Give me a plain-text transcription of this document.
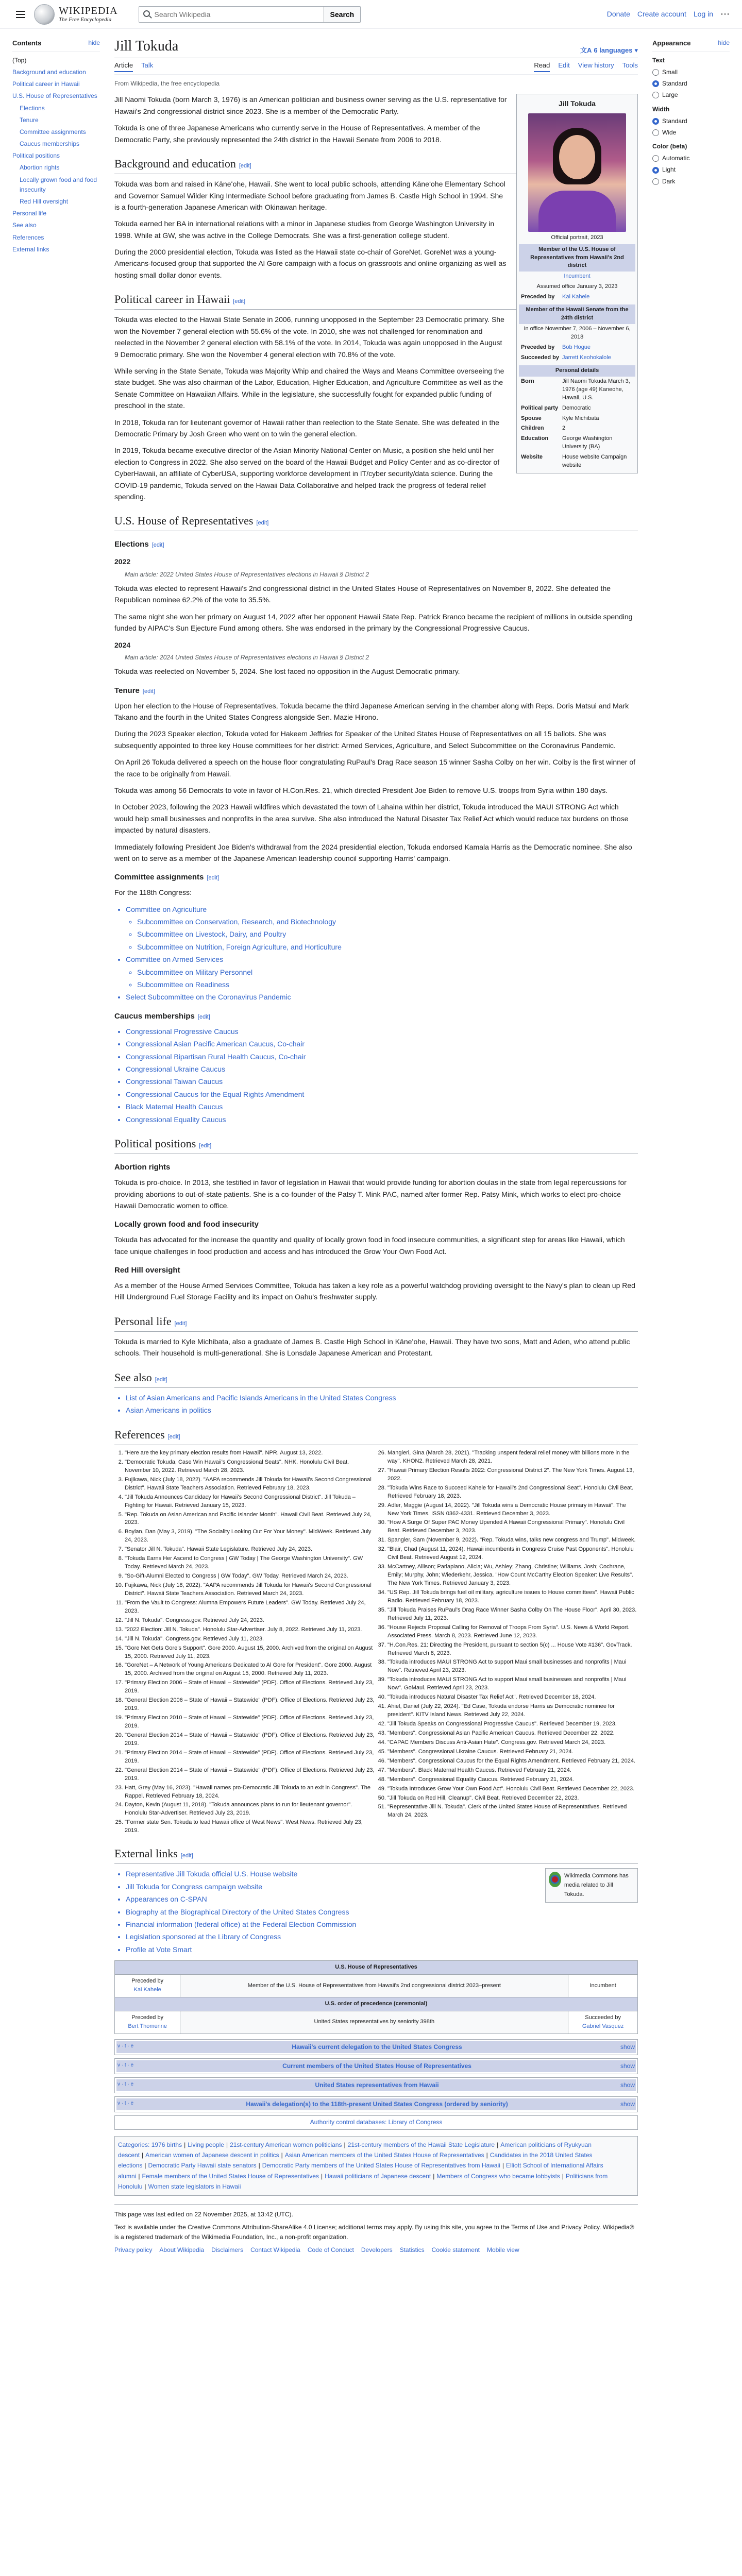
WIKIPEDIA
The Free Encyclopedia
Search Wikipedia
Search	Donate Create account Log in ⋯
Contents	hide
(Top)
Background and education
Political career in Hawaii
U.S. House of Representatives
Elections
Tenure
Committee assignments
Caucus memberships
Political positions
Abortion rights
Locally grown food and food insecurity
Red Hill oversight
Personal life
See also
References
External links
Jill Tokuda	文A 6 languages ▾
Article Talk	Read Edit View history Tools
From Wikipedia, the free encyclopedia
Jill Tokuda
Official portrait, 2023
Member of the U.S. House of Representatives from Hawaii's 2nd district
Incumbent
Assumed office January 3, 2023
Preceded by	Kai Kahele
Member of the Hawaii Senate from the 24th district
In office November 7, 2006 – November 6, 2018
Preceded by	Bob Hogue
Succeeded by Jarrett Keohokalole
Personal details
Born	Jill Naomi Tokuda March 3, 1976 (age 49) Kaneohe, Hawaii, U.S.
Political party Democratic
Spouse	Kyle Michibata
Children	2
Education	George Washington University (BA)
Website	House website Campaign website

Jill Naomi Tokuda (born March 3, 1976) is an American politician and business owner serving as the U.S. representative for Hawaii's 2nd congressional district since 2023. She is a member of the Democratic Party.

Tokuda is one of three Japanese Americans who currently serve in the House of Representatives. A member of the Democratic Party, she previously represented the 24th district in the Hawaii Senate from 2006 to 2018.

Background and education [edit]

Tokuda was born and raised in Kāneʻohe, Hawaii. She went to local public schools, attending Kāneʻohe Elementary School and Governor Samuel Wilder King Intermediate School before graduating from James B. Castle High School in 1994. She is a fourth-generation Japanese American with Okinawan heritage.

Tokuda earned her BA in international relations with a minor in Japanese studies from George Washington University in 1998. While at GW, she was active in the College Democrats. She was a first-generation college student.

During the 2000 presidential election, Tokuda was listed as the Hawaii state co-chair of GoreNet. GoreNet was a young-Americans-focused group that supported the Al Gore campaign with a focus on grassroots and online organizing as well as hosting small dollar donor events.

Political career in Hawaii [edit]

Tokuda was elected to the Hawaii State Senate in 2006, running unopposed in the September 23 Democratic primary. She won the November 7 general election with 55.6% of the vote. In 2010, she was not challenged for renomination and reelected in the November 2 general election with 58.1% of the vote. In 2014, Tokuda was again unopposed in the August 9 Democratic primary. She won the November 4 general election with 70.8% of the vote.

While serving in the State Senate, Tokuda was Majority Whip and chaired the Ways and Means Committee overseeing the state budget. She was also chairman of the Labor, Education, Higher Education, and Agriculture Committee as well as the Senate Committee on Hawaiian Affairs. While in the legislature, she successfully fought for expanded public funding of preschool in the state.

In 2018, Tokuda ran for lieutenant governor of Hawaii rather than reelection to the State Senate. She was defeated in the Democratic Primary by Josh Green who went on to win the general election.

In 2019, Tokuda became executive director of the Asian Minority National Center on Music, a position she held until her election to Congress in 2022. She also served on the board of the Hawaii Budget and Policy Center and as co-director of CyberHawaii, an affiliate of CyberUSA, supporting workforce development in IT/cyber security/data science. During the COVID-19 pandemic, Tokuda served on the Hawaii Data Collaborative and helped track the progress of federal relief spending.

U.S. House of Representatives [edit]
Elections [edit]
2022
Main article: 2022 United States House of Representatives elections in Hawaii § District 2

Tokuda was elected to represent Hawaii's 2nd congressional district in the United States House of Representatives on November 8, 2022. She defeated the Republican nominee 62.2% of the vote to 35.5%.

The same night she won her primary on August 14, 2022 after her opponent Hawaii State Rep. Patrick Branco became the recipient of millions in outside spending funded by AIPAC's Sun Ejecture Fund among others. She was endorsed in the primary by the Congressional Progressive Caucus.

2024
Main article: 2024 United States House of Representatives elections in Hawaii § District 2

Tokuda was reelected on November 5, 2024. She lost faced no opposition in the August Democratic primary.

Tenure [edit]

Upon her election to the House of Representatives, Tokuda became the third Japanese American serving in the chamber along with Reps. Doris Matsui and Mark Takano and the fourth in the United States Congress alongside Sen. Mazie Hirono.

During the 2023 Speaker election, Tokuda voted for Hakeem Jeffries for Speaker of the United States House of Representatives on all 15 ballots. She was subsequently appointed to three key House committees for her district: Armed Services, Agriculture, and Select Subcommittee on the Coronavirus Pandemic.

On April 26 Tokuda delivered a speech on the house floor congratulating RuPaul's Drag Race season 15 winner Sasha Colby on her win. Colby is the first winner of the race to be originally from Hawaii.

Tokuda was among 56 Democrats to vote in favor of H.Con.Res. 21, which directed President Joe Biden to remove U.S. troops from Syria within 180 days.

In October 2023, following the 2023 Hawaii wildfires which devastated the town of Lahaina within her district, Tokuda introduced the MAUI STRONG Act which would help small businesses and nonprofits in the area survive. She also introduced the Natural Disaster Tax Relief Act which would reduce tax burdens on those impacted by natural disasters.

Immediately following President Joe Biden's withdrawal from the 2024 presidential election, Tokuda endorsed Kamala Harris as the Democratic nominee. She also went on to serve as a member of the Japanese American leadership council supporting Harris' campaign.

Committee assignments [edit]

For the 118th Congress:

• Committee on Agriculture
◦ Subcommittee on Conservation, Research, and Biotechnology
◦ Subcommittee on Livestock, Dairy, and Poultry
◦ Subcommittee on Nutrition, Foreign Agriculture, and Horticulture
• Committee on Armed Services
◦ Subcommittee on Military Personnel
◦ Subcommittee on Readiness
• Select Subcommittee on the Coronavirus Pandemic
Caucus memberships [edit]
• Congressional Progressive Caucus
• Congressional Asian Pacific American Caucus, Co-chair
• Congressional Bipartisan Rural Health Caucus, Co-chair
• Congressional Ukraine Caucus
• Congressional Taiwan Caucus
• Congressional Caucus for the Equal Rights Amendment
• Black Maternal Health Caucus
• Congressional Equality Caucus
Political positions [edit]
Abortion rights

Tokuda is pro-choice. In 2013, she testified in favor of legislation in Hawaii that would provide funding for abortion doulas in the state from legal repercussions for providing abortions to out-of-state patients. She is a co-founder of the Patsy T. Mink PAC, named after former Rep. Patsy Mink, which works to elect pro-choice Hawaii Democratic women to office.

Locally grown food and food insecurity

Tokuda has advocated for the increase the quantity and quality of locally grown food in food insecure communities, a significant step for areas like Hawaii, which face unique challenges in food production and access and has introduced the Grow Your Own Food Act.

Red Hill oversight

As a member of the House Armed Services Committee, Tokuda has taken a key role as a powerful watchdog providing oversight to the Navy's plan to clean up Red Hill Underground Fuel Storage Facility and its impact on Oahu's freshwater supply.

Personal life [edit]

Tokuda is married to Kyle Michibata, also a graduate of James B. Castle High School in Kāneʻohe, Hawaii. They have two sons, Matt and Aden, who attend public schools. Their household is multi-generational. She is Lonsdale Japanese American and Protestant.

See also [edit]
• List of Asian Americans and Pacific Islands Americans in the United States Congress
• Asian Americans in politics
References [edit]
1. "Here are the key primary election results from Hawaii". NPR. August 13, 2022.
2. "Democratic Tokuda, Case Win Hawaii's Congressional Seats". NHK. Honolulu Civil Beat. November 10, 2022. Retrieved March 28, 2023.
3. Fujikawa, Nick (July 18, 2022). "AAPA recommends Jill Tokuda for Hawaii's Second Congressional District". Hawaii State Teachers Association. Retrieved February 18, 2023.
4. "Jill Tokuda Announces Candidacy for Hawaii's Second Congressional District". Jill Tokuda – Fighting for Hawaii. Retrieved January 15, 2023.
5. "Rep. Tokuda on Asian American and Pacific Islander Month". Hawaii Civil Beat. Retrieved July 24, 2023.
6. Boylan, Dan (May 3, 2019). "The Sociality Looking Out For Your Money". MidWeek. Retrieved July 24, 2023.
7. "Senator Jill N. Tokuda". Hawaii State Legislature. Retrieved July 24, 2023.
8. "Tokuda Earns Her Ascend to Congress | GW Today | The George Washington University". GW Today. Retrieved March 24, 2023.
9. "So-Gift-Alumni Elected to Congress | GW Today". GW Today. Retrieved March 24, 2023.
10. Fujikawa, Nick (July 18, 2022). "AAPA recommends Jill Tokuda for Hawaii's Second Congressional District". Hawaii State Teachers Association. Retrieved March 24, 2023.
11. "From the Vault to Congress: Alumna Empowers Future Leaders". GW Today. Retrieved July 24, 2023.
12. "Jill N. Tokuda". Congress.gov. Retrieved July 24, 2023.
13. "2022 Election: Jill N. Tokuda". Honolulu Star-Advertiser. July 8, 2022. Retrieved July 11, 2023.
14. "Jill N. Tokuda". Congress.gov. Retrieved July 11, 2023.
15. "Gore Net Gets Gore's Support". Gore 2000. August 15, 2000. Archived from the original on August 15, 2000. Retrieved July 11, 2023.
16. "GoreNet – A Network of Young Americans Dedicated to Al Gore for President". Gore 2000. August 15, 2000. Archived from the original on August 15, 2000. Retrieved July 11, 2023.
17. "Primary Election 2006 – State of Hawaii – Statewide" (PDF). Office of Elections. Retrieved July 23, 2019.
18. "General Election 2006 – State of Hawaii – Statewide" (PDF). Office of Elections. Retrieved July 23, 2019.
19. "Primary Election 2010 – State of Hawaii – Statewide" (PDF). Office of Elections. Retrieved July 23, 2019.
20. "General Election 2014 – State of Hawaii – Statewide" (PDF). Office of Elections. Retrieved July 23, 2019.
21. "Primary Election 2014 – State of Hawaii – Statewide" (PDF). Office of Elections. Retrieved July 23, 2019.
22. "General Election 2014 – State of Hawaii – Statewide" (PDF). Office of Elections. Retrieved July 23, 2019.
23. Hatt, Grey (May 16, 2023). "Hawaii names pro-Democratic Jill Tokuda to an exit in Congress". The Rappel. Retrieved February 18, 2024.
24. Dayton, Kevin (August 11, 2018). "Tokuda announces plans to run for lieutenant governor". Honolulu Star-Advertiser. Retrieved July 23, 2019.
25. "Former state Sen. Tokuda to lead Hawaii office of West News". West News. Retrieved July 23, 2019.
26. Mangieri, Gina (March 28, 2021). "Tracking unspent federal relief money with billions more in the way". KHON2. Retrieved March 28, 2021.
27. "Hawaii Primary Election Results 2022: Congressional District 2". The New York Times. August 13, 2022.
28. "Tokuda Wins Race to Succeed Kahele for Hawaii's 2nd Congressional Seat". Honolulu Civil Beat. Retrieved February 18, 2023.
29. Adler, Maggie (August 14, 2022). "Jill Tokuda wins a Democratic House primary in Hawaii". The New York Times. ISSN 0362-4331. Retrieved December 3, 2023.
30. "How A Surge Of Super PAC Money Upended A Hawaii Congressional Primary". Honolulu Civil Beat. Retrieved December 3, 2023.
31. Spangler, Sam (November 9, 2022). "Rep. Tokuda wins, talks new congress and Trump". Midweek.
32. "Blair, Chad (August 11, 2024). Hawaii incumbents in Congress Cruise Past Opponents". Honolulu Civil Beat. Retrieved August 12, 2024.
33. McCartney, Allison; Parlapiano, Alicia; Wu, Ashley; Zhang, Christine; Williams, Josh; Cochrane, Emily; Murphy, John; Wiederkehr, Jessica. "How Count McCarthy Election Speaker: Live Results". The New York Times. Retrieved January 3, 2023.
34. "US Rep. Jill Tokuda brings fuel oil military, agriculture issues to House committees". Hawaii Public Radio. Retrieved February 18, 2023.
35. "Jill Tokuda Praises RuPaul's Drag Race Winner Sasha Colby On The House Floor". April 30, 2023. Retrieved July 11, 2023.
36. "House Rejects Proposal Calling for Removal of Troops From Syria". U.S. News & World Report. Associated Press. March 8, 2023. Retrieved June 12, 2023.
37. "H.Con.Res. 21: Directing the President, pursuant to section 5(c) ... House Vote #136". GovTrack. Retrieved March 8, 2023.
38. "Tokuda introduces MAUI STRONG Act to support Maui small businesses and nonprofits | Maui Now". Retrieved April 23, 2023.
39. "Tokuda introduces MAUI STRONG Act to support Maui small businesses and nonprofits | Maui Now". GoMaui. Retrieved April 23, 2023.
40. "Tokuda introduces Natural Disaster Tax Relief Act". Retrieved December 18, 2024.
41. Ahiel, Daniel (July 22, 2024). "Ed Case, Tokuda endorse Harris as Democratic nominee for president". KITV Island News. Retrieved July 22, 2024.
42. "Jill Tokuda Speaks on Congressional Progressive Caucus". Retrieved December 19, 2023.
43. "Members". Congressional Asian Pacific American Caucus. Retrieved December 22, 2022.
44. "CAPAC Members Discuss Anti-Asian Hate". Congress.gov. Retrieved March 24, 2023.
45. "Members". Congressional Ukraine Caucus. Retrieved February 21, 2024.
46. "Members". Congressional Caucus for the Equal Rights Amendment. Retrieved February 21, 2024.
47. "Members". Black Maternal Health Caucus. Retrieved February 21, 2024.
48. "Members". Congressional Equality Caucus. Retrieved February 21, 2024.
49. "Tokuda Introduces Grow Your Own Food Act". Honolulu Civil Beat. Retrieved December 22, 2023.
50. "Jill Tokuda on Red Hill, Cleanup". Civil Beat. Retrieved December 22, 2023.
51. "Representative Jill N. Tokuda". Clerk of the United States House of Representatives. Retrieved March 24, 2023.
External links [edit]
Wikimedia Commons has media related to Jill Tokuda.
• Representative Jill Tokuda official U.S. House website
• Jill Tokuda for Congress campaign website
• Appearances on C-SPAN
• Biography at the Biographical Directory of the United States Congress
• Financial information (federal office) at the Federal Election Commission
• Legislation sponsored at the Library of Congress
• Profile at Vote Smart
U.S. House of Representatives		
Preceded by
Kai Kahele	Member of the U.S. House of Representatives from Hawaii's 2nd congressional district 2023–present	Incumbent
U.S. order of precedence (ceremonial)		
Preceded by
Bert Thomenne	United States representatives by seniority 398th	Succeeded by
Gabriel Vasquez
v · t · e	show
Hawaii's current delegation to the United States Congress
v · t · e	show
Current members of the United States House of Representatives
v · t · e	show
United States representatives from Hawaii
v · t · e	show
Hawaii's delegation(s) to the 118th-present United States Congress (ordered by seniority)
Authority control databases: Library of Congress
Categories: 1976 births | Living people | 21st-century American women politicians | 21st-century members of the Hawaii State Legislature | American politicians of Ryukyuan descent | American women of Japanese descent in politics | Asian American members of the United States House of Representatives | Candidates in the 2018 United States elections | Democratic Party Hawaii state senators | Democratic Party members of the United States House of Representatives from Hawaii | Elliott School of International Affairs alumni | Female members of the United States House of Representatives | Hawaii politicians of Japanese descent | Members of Congress who became lobbyists | Politicians from Honolulu | Women state legislators in Hawaii

This page was last edited on 22 November 2025, at 13:42 (UTC).

Text is available under the Creative Commons Attribution-ShareAlike 4.0 License; additional terms may apply. By using this site, you agree to the Terms of Use and Privacy Policy. Wikipedia® is a registered trademark of the Wikimedia Foundation, Inc., a non-profit organization.

Privacy policy About Wikipedia Disclaimers Contact Wikipedia Code of Conduct Developers Statistics Cookie statement Mobile view
Appearance	hide
Text
Small
Standard
Large
Width
Standard
Wide
Color (beta)
Automatic
Light
Dark
